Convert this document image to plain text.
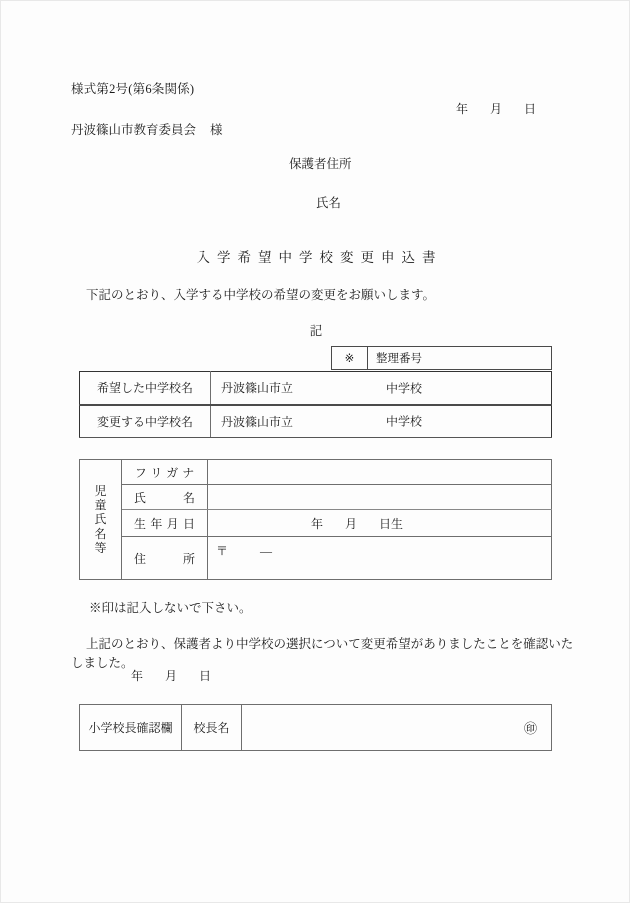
様式第2号(第6条関係)
年 月 日
丹波篠山市教育委員会 様
保護者住所
氏名
入学希望中学校変更申込書
下記のとおり、入学する中学校の希望の変更をお願いします。
記
※	整理番号
希望した中学校名	丹波篠山市立 中学校

変更する中学校名	丹波篠山市立 中学校
児
童
氏
名
等	フリガナ	
	氏名	
	生年月日	年 月 日生
	住所	〒 ―
※印は記入しないで下さい。
上記のとおり、保護者より中学校の選択について変更希望がありましたことを確認いた
しました。
年 月 日
小学校長確認欄	校長名	㊞
